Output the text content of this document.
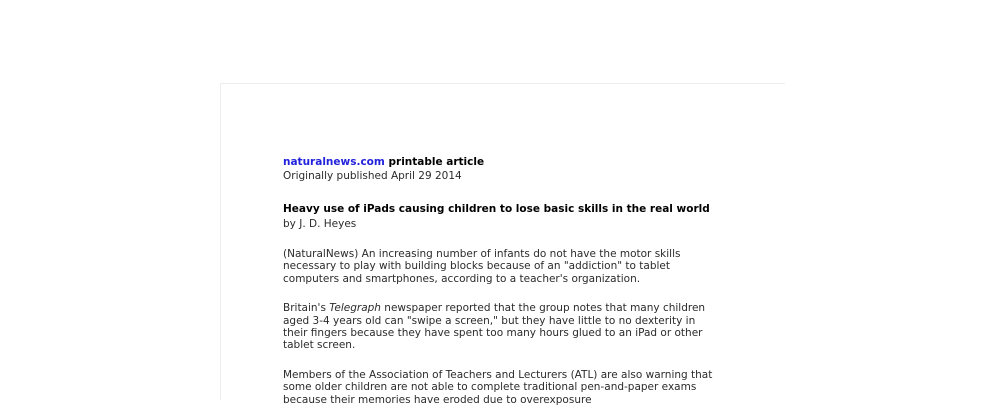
naturalnews.com printable article
Originally published April 29 2014
Heavy use of iPads causing children to lose basic skills in the real world
by J. D. Heyes

(NaturalNews) An increasing number of infants do not have the motor skills necessary to play with building blocks because of an "addiction" to tablet computers and smartphones, according to a teacher's organization.

Britain's Telegraph newspaper reported that the group notes that many children aged 3-4 years old can "swipe a screen," but they have little to no dexterity in their fingers because they have spent too many hours glued to an iPad or other tablet screen.

Members of the Association of Teachers and Lecturers (ATL) are also warning that some older children are not able to complete traditional pen-and-paper exams because their memories have eroded due to overexposure
